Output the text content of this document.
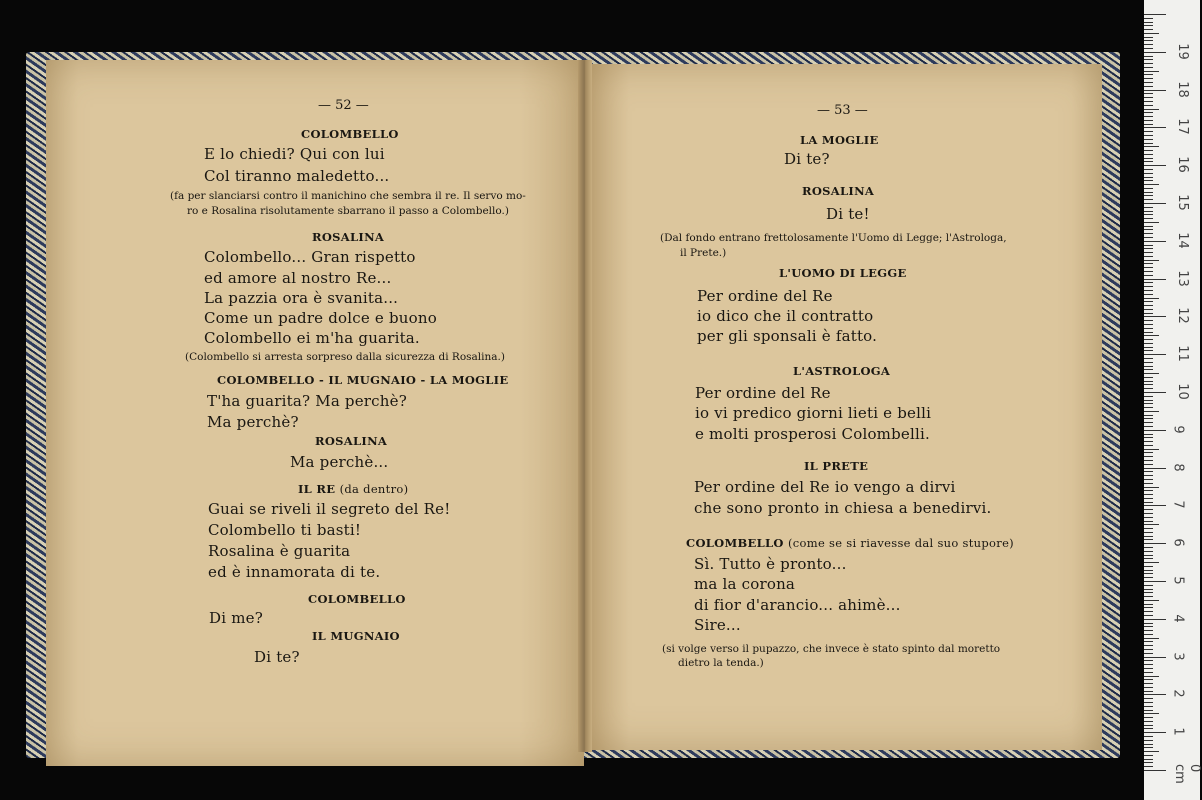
— 52 —
COLOMBELLO
E lo chiedi? Qui con lui
Col tiranno maledetto...
(fa per slanciarsi contro il manichino che sembra il re. Il servo mo-
ro e Rosalina risolutamente sbarrano il passo a Colombello.)
ROSALINA
Colombello... Gran rispetto
ed amore al nostro Re...
La pazzia ora è svanita...
Come un padre dolce e buono
Colombello ei m'ha guarita.
(Colombello si arresta sorpreso dalla sicurezza di Rosalina.)
COLOMBELLO - IL MUGNAIO - LA MOGLIE
T'ha guarita? Ma perchè?
Ma perchè?
ROSALINA
Ma perchè...
IL RE (da dentro)
Guai se riveli il segreto del Re!
Colombello ti basti!
Rosalina è guarita
ed è innamorata di te.
COLOMBELLO
Di me?
IL MUGNAIO
Di te?
— 53 —
LA MOGLIE
Di te?
ROSALINA
Di te!
(Dal fondo entrano frettolosamente l'Uomo di Legge; l'Astrologa,
il Prete.)
L'UOMO DI LEGGE
Per ordine del Re
io dico che il contratto
per gli sponsali è fatto.
L'ASTROLOGA
Per ordine del Re
io vi predico giorni lieti e belli
e molti prosperosi Colombelli.
IL PRETE
Per ordine del Re io vengo a dirvi
che sono pronto in chiesa a benedirvi.
COLOMBELLO (come se si riavesse dal suo stupore)
Sì. Tutto è pronto...
ma la corona
di fior d'arancio... ahimè...
Sire...
(si volge verso il pupazzo, che invece è stato spinto dal moretto
dietro la tenda.)
0 cm
1
2
3
4
5
6
7
8
9
10
11
12
13
14
15
16
17
18
19
